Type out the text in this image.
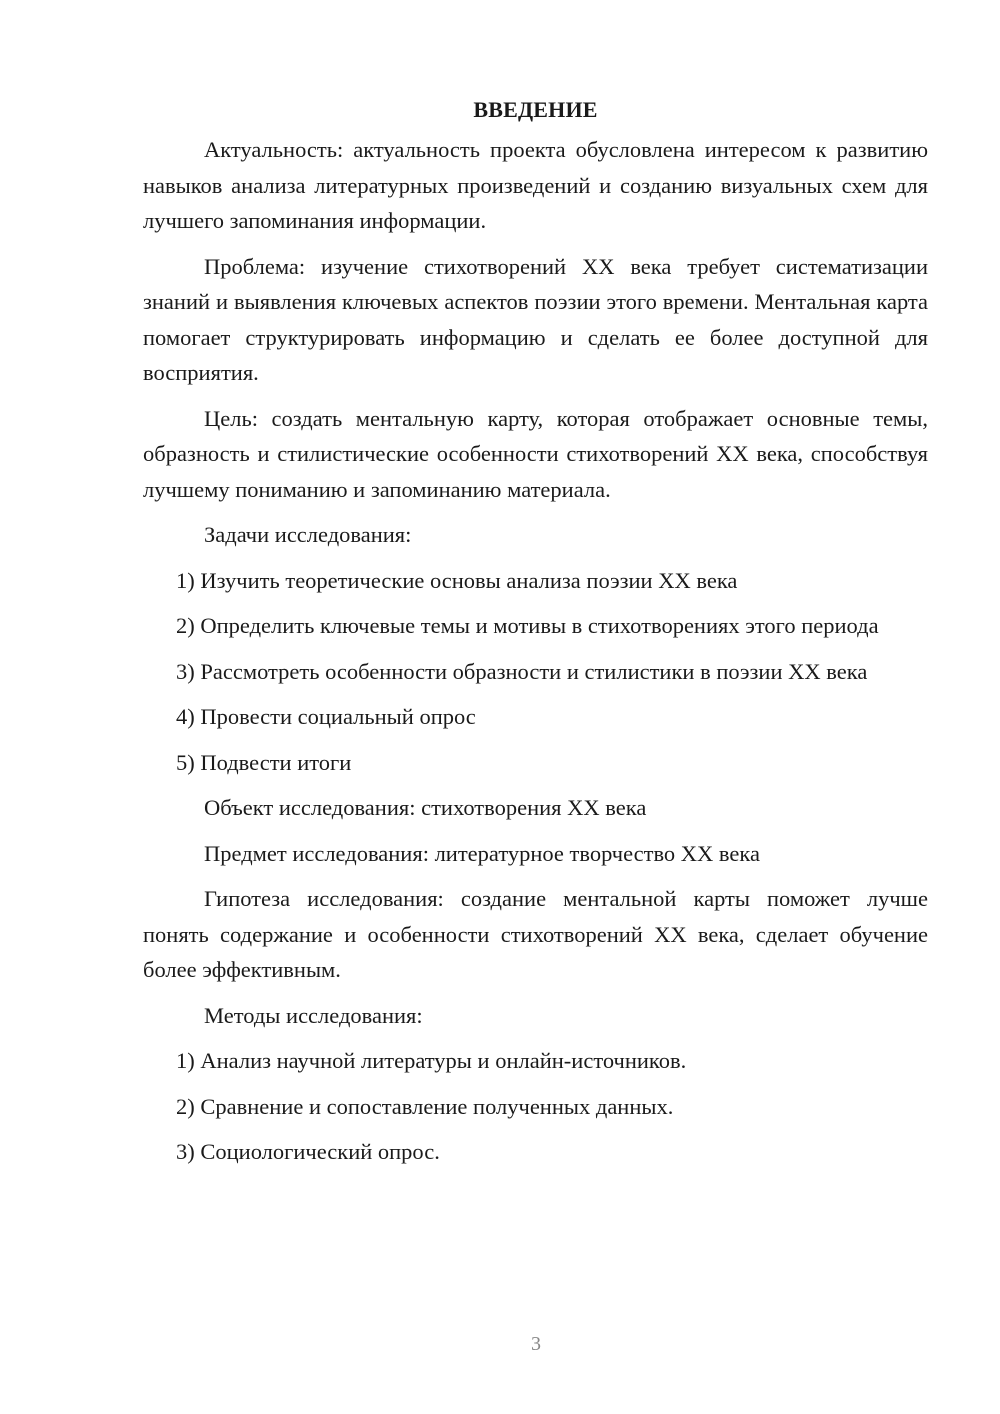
ВВЕДЕНИЕ

Актуальность: актуальность проекта обусловлена интересом к развитию навыков анализа литературных произведений и созданию визуальных схем для лучшего запоминания информации.

Проблема: изучение стихотворений ХХ века требует систематизации знаний и выявления ключевых аспектов поэзии этого времени. Ментальная карта помогает структурировать информацию и сделать ее более доступной для восприятия.

Цель: создать ментальную карту, которая отображает основные темы, образность и стилистические особенности стихотворений ХХ века, способствуя лучшему пониманию и запоминанию материала.

Задачи исследования:

1) Изучить теоретические основы анализа поэзии ХХ века

2) Определить ключевые темы и мотивы в стихотворениях этого периода

3) Рассмотреть особенности образности и стилистики в поэзии ХХ века

4) Провести социальный опрос

5) Подвести итоги

Объект исследования: стихотворения ХХ века

Предмет исследования: литературное творчество ХХ века

Гипотеза исследования: создание ментальной карты поможет лучше понять содержание и особенности стихотворений ХХ века, сделает обучение более эффективным.

Методы исследования:

1) Анализ научной литературы и онлайн-источников.

2) Сравнение и сопоставление полученных данных.

3) Социологический опрос.

3
